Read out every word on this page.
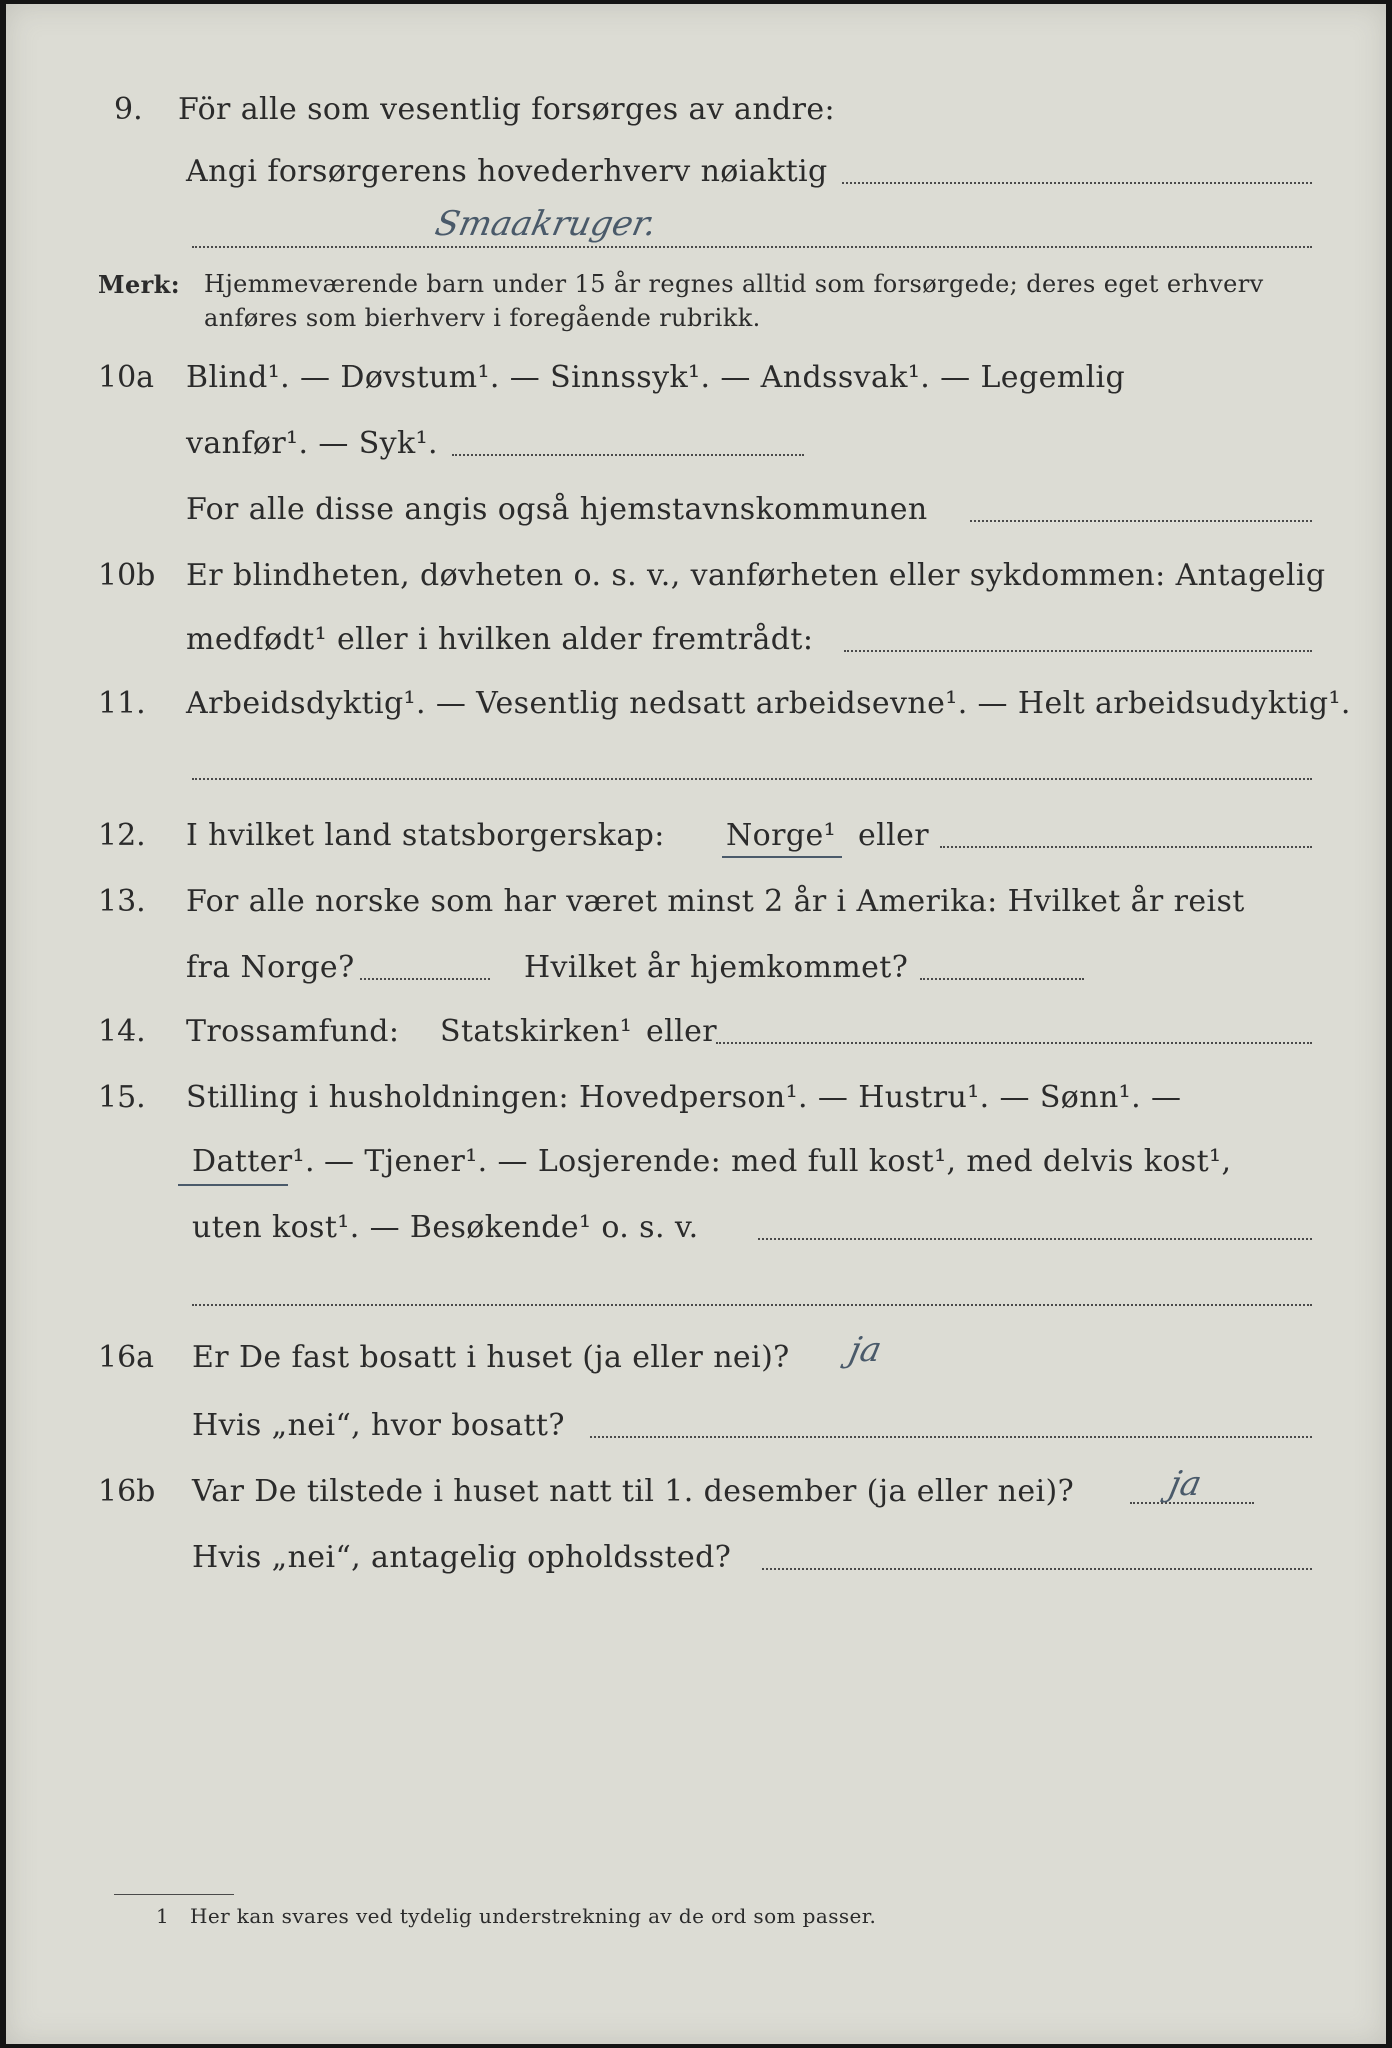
9. För alle som vesentlig forsørges av andre:
Angi forsørgerens hovederhverv nøiaktig
Smaakruger.
Merk: Hjemmeværende barn under 15 år regnes alltid som forsørgede; deres eget erhverv
anføres som bierhverv i foregående rubrikk.
10a Blind¹. — Døvstum¹. — Sinnssyk¹. — Andssvak¹. — Legemlig
vanfør¹. — Syk¹.
For alle disse angis også hjemstavnskommunen
10b Er blindheten, døvheten o. s. v., vanførheten eller sykdommen: Antagelig
medfødt¹ eller i hvilken alder fremtrådt:
11. Arbeidsdyktig¹. — Vesentlig nedsatt arbeidsevne¹. — Helt arbeidsudyktig¹.
12. I hvilket land statsborgerskap: Norge¹ eller
13. For alle norske som har været minst 2 år i Amerika: Hvilket år reist
fra Norge?	Hvilket år hjemkommet?
14. Trossamfund: Statskirken¹ eller
15. Stilling i husholdningen: Hovedperson¹. — Hustru¹. — Sønn¹. —
Datter¹. — Tjener¹. — Losjerende: med full kost¹, med delvis kost¹,
uten kost¹. — Besøkende¹ o. s. v.
16a Er De fast bosatt i huset (ja eller nei)? ja
Hvis „nei“, hvor bosatt?
16b Var De tilstede i huset natt til 1. desember (ja eller nei)?	ja
Hvis „nei“, antagelig opholdssted?
1 Her kan svares ved tydelig understrekning av de ord som passer.
